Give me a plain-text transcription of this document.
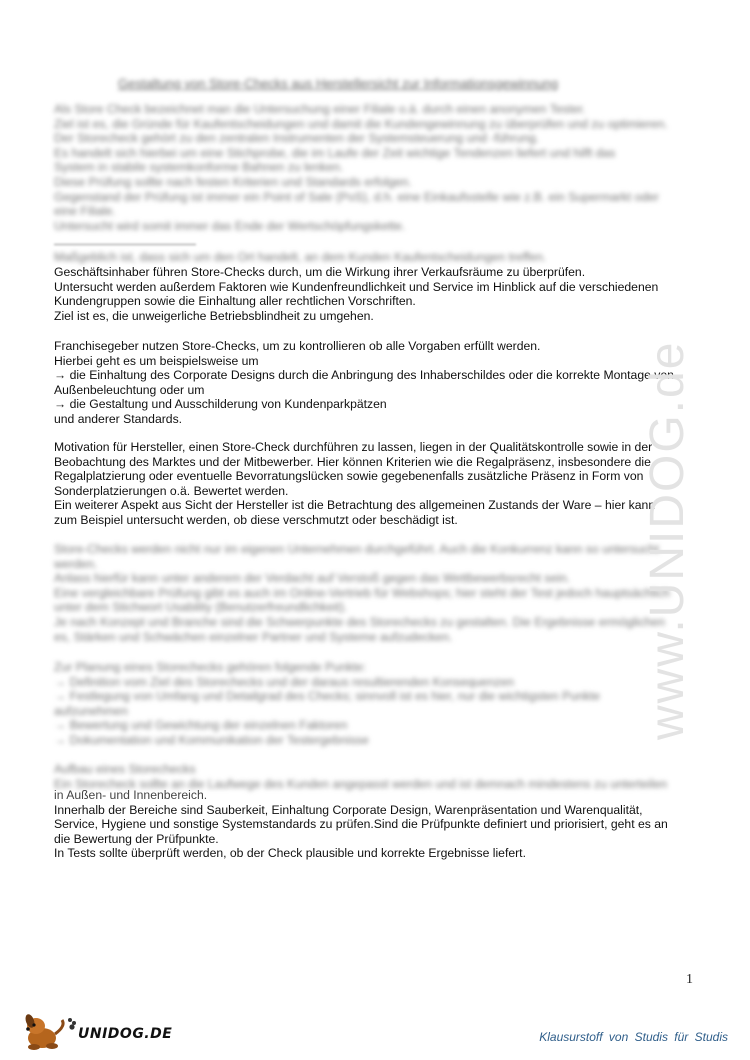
Gestaltung von Store-Checks aus Herstellersicht zur Informationsgewinnung
Als Store Check bezeichnet man die Untersuchung einer Filiale o.ä. durch einen anonymen Tester.
Ziel ist es, die Gründe für Kaufentscheidungen und damit die Kundengewinnung zu überprüfen und zu optimieren.
Der Storecheck gehört zu den zentralen Instrumenten der Systemsteuerung und -führung.
Es handelt sich hierbei um eine Stichprobe, die im Laufe der Zeit wichtige Tendenzen liefert und hilft das
System in stabile systemkonforme Bahnen zu lenken.
Diese Prüfung sollte nach festen Kriterien und Standards erfolgen.
Gegenstand der Prüfung ist immer ein Point of Sale (PoS), d.h. eine Einkaufsstelle wie z.B. ein Supermarkt oder
eine Filiale.
Untersucht wird somit immer das Ende der Wertschöpfungskette.
Maßgeblich ist, dass sich um den Ort handelt, an dem Kunden Kaufentscheidungen treffen.
Geschäftsinhaber führen Store-Checks durch, um die Wirkung ihrer Verkaufsräume zu überprüfen.
Untersucht werden außerdem Faktoren wie Kundenfreundlichkeit und Service im Hinblick auf die verschiedenen
Kundengruppen sowie die Einhaltung aller rechtlichen Vorschriften.
Ziel ist es, die unweigerliche Betriebsblindheit zu umgehen.
Franchisegeber nutzen Store-Checks, um zu kontrollieren ob alle Vorgaben erfüllt werden.
Hierbei geht es um beispielsweise um
→ die Einhaltung des Corporate Designs durch die Anbringung des Inhaberschildes oder die korrekte Montage von
Außenbeleuchtung oder um
→ die Gestaltung und Ausschilderung von Kundenparkpätzen
und anderer Standards.
Motivation für Hersteller, einen Store-Check durchführen zu lassen, liegen in der Qualitätskontrolle sowie in der
Beobachtung des Marktes und der Mitbewerber. Hier können Kriterien wie die Regalpräsenz, insbesondere die
Regalplatzierung oder eventuelle Bevorratungslücken sowie gegebenenfalls zusätzliche Präsenz in Form von
Sonderplatzierungen o.ä. Bewertet werden.
Ein weiterer Aspekt aus Sicht der Hersteller ist die Betrachtung des allgemeinen Zustands der Ware – hier kann
zum Beispiel untersucht werden, ob diese verschmutzt oder beschädigt ist.
Store-Checks werden nicht nur im eigenen Unternehmen durchgeführt. Auch die Konkurrenz kann so untersucht
werden.
Anlass hierfür kann unter anderem der Verdacht auf Verstoß gegen das Wettbewerbsrecht sein.
Eine vergleichbare Prüfung gibt es auch im Online-Vertrieb für Webshops; hier steht der Test jedoch hauptsächlich
unter dem Stichwort Usability (Benutzerfreundlichkeit).
Je nach Konzept und Branche sind die Schwerpunkte des Storechecks zu gestalten. Die Ergebnisse ermöglichen
es, Stärken und Schwächen einzelner Partner und Systeme aufzudecken.
Zur Planung eines Storechecks gehören folgende Punkte:
→ Definition vom Ziel des Storechecks und der daraus resultierenden Konsequenzen
→ Festlegung von Umfang und Detailgrad des Checks; sinnvoll ist es hier, nur die wichtigsten Punkte
aufzunehmen
→ Bewertung und Gewichtung der einzelnen Faktoren
→ Dokumentation und Kommunikation der Testergebnisse
Aufbau eines Storechecks
Ein Storecheck sollte an die Laufwege des Kunden angepasst werden und ist demnach mindestens zu unterteilen
in Außen- und Innenbereich.
Innerhalb der Bereiche sind Sauberkeit, Einhaltung Corporate Design, Warenpräsentation und Warenqualität,
Service, Hygiene und sonstige Systemstandards zu prüfen.Sind die Prüfpunkte definiert und priorisiert, geht es an
die Bewertung der Prüfpunkte.
In Tests sollte überprüft werden, ob der Check plausible und korrekte Ergebnisse liefert.
www.UNIDOG.de
1
UNIDOG.DE	Klausurstoff von Studis für Studis
